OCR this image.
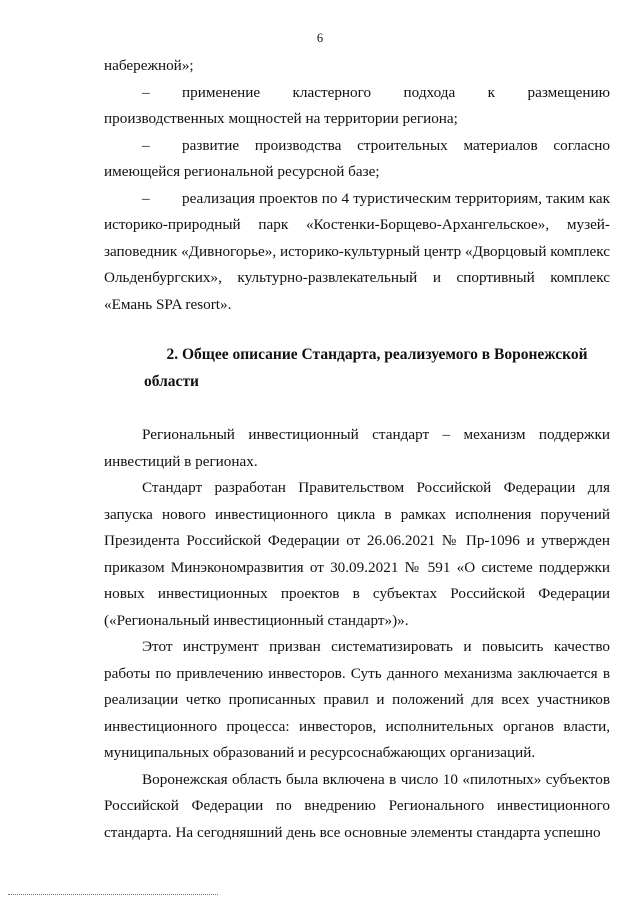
6

набережной»;

– применение кластерного подхода к размещению производственных мощностей на территории региона;

– развитие производства строительных материалов согласно имеющейся региональной ресурсной базе;

– реализация проектов по 4 туристическим территориям, таким как историко-природный парк «Костенки-Борщево-Архангельское», музей-заповедник «Дивногорье», историко-культурный центр «Дворцовый комплекс Ольденбургских», культурно-развлекательный и спортивный комплекс «Емань SPA resort».

2. Общее описание Стандарта, реализуемого в Воронежской области

Региональный инвестиционный стандарт – механизм поддержки инвестиций в регионах.

Стандарт разработан Правительством Российской Федерации для запуска нового инвестиционного цикла в рамках исполнения поручений Президента Российской Федерации от 26.06.2021 № Пр-1096 и утвержден приказом Минэкономразвития от 30.09.2021 № 591 «О системе поддержки новых инвестиционных проектов в субъектах Российской Федерации («Региональный инвестиционный стандарт»)».

Этот инструмент призван систематизировать и повысить качество работы по привлечению инвесторов. Суть данного механизма заключается в реализации четко прописанных правил и положений для всех участников инвестиционного процесса: инвесторов, исполнительных органов власти, муниципальных образований и ресурсоснабжающих организаций.

Воронежская область была включена в число 10 «пилотных» субъектов Российской Федерации по внедрению Регионального инвестиционного стандарта. На сегодняшний день все основные элементы стандарта успешно
